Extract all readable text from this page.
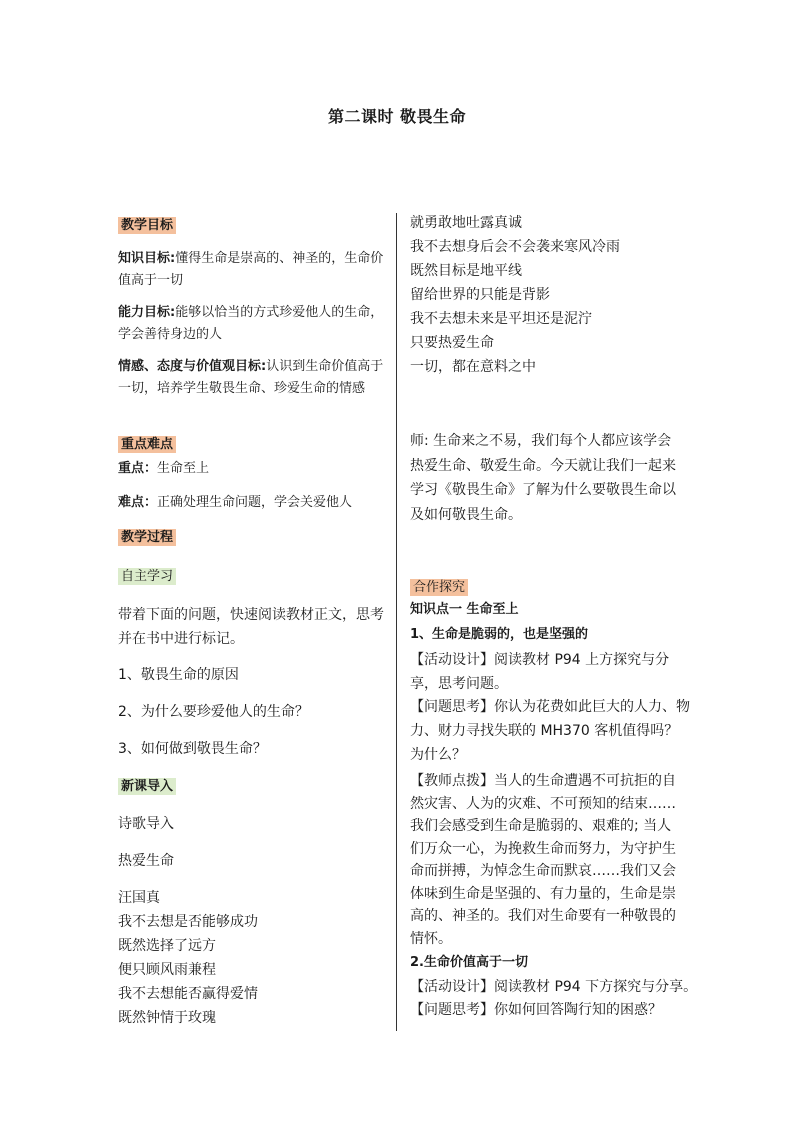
第二课时 敬畏生命

教学目标

知识目标:懂得生命是崇高的、神圣的，生命价值高于一切

能力目标:能够以恰当的方式珍爱他人的生命，学会善待身边的人

情感、态度与价值观目标:认识到生命价值高于一切，培养学生敬畏生命、珍爱生命的情感

重点难点

重点：生命至上

难点：正确处理生命问题，学会关爱他人

教学过程

自主学习

带着下面的问题，快速阅读教材正文，思考并在书中进行标记。

1、敬畏生命的原因

2、为什么要珍爱他人的生命？

3、如何做到敬畏生命？

新课导入

诗歌导入

热爱生命

汪国真

我不去想是否能够成功

既然选择了远方

便只顾风雨兼程

我不去想能否赢得爱情

既然钟情于玫瑰

就勇敢地吐露真诚

我不去想身后会不会袭来寒风冷雨

既然目标是地平线

留给世界的只能是背影

我不去想未来是平坦还是泥泞

只要热爱生命

一切，都在意料之中

师: 生命来之不易，我们每个人都应该学会热爱生命、敬爱生命。今天就让我们一起来学习《敬畏生命》了解为什么要敬畏生命以及如何敬畏生命。

合作探究

知识点一 生命至上

1、生命是脆弱的，也是坚强的

【活动设计】阅读教材 P94 上方探究与分享，思考问题。

【问题思考】你认为花费如此巨大的人力、物力、财力寻找失联的 MH370 客机值得吗？为什么？

【教师点拨】当人的生命遭遇不可抗拒的自然灾害、人为的灾难、不可预知的结束……我们会感受到生命是脆弱的、艰难的; 当人们万众一心，为挽救生命而努力，为守护生命而拼搏，为悼念生命而默哀……我们又会体味到生命是坚强的、有力量的，生命是崇高的、神圣的。我们对生命要有一种敬畏的情怀。

2.生命价值高于一切

【活动设计】阅读教材 P94 下方探究与分享。

【问题思考】你如何回答陶行知的困惑？
